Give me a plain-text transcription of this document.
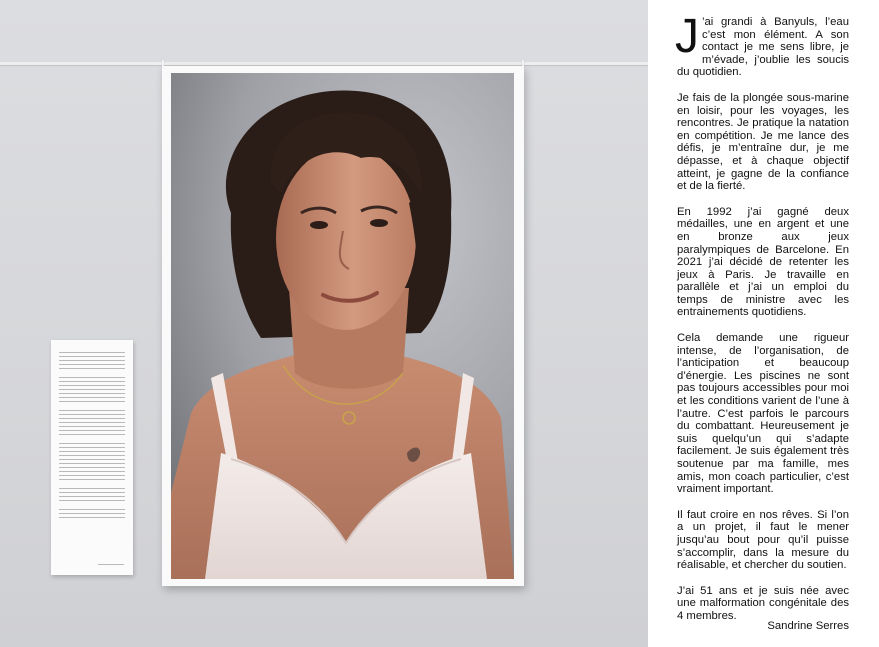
J ’ai grandi à Banyuls, l’eau c’est mon élément. A son contact je me sens libre, je m’évade, j’oublie les soucis du quotidien.

Je fais de la plongée sous-marine en loisir, pour les voyages, les rencontres. Je pratique la natation en compétition. Je me lance des défis, je m’entraîne dur, je me dépasse, et à chaque objectif atteint, je gagne de la confiance et de la fierté.

En 1992 j’ai gagné deux médailles, une en argent et une en bronze aux jeux paralympiques de Barcelone. En 2021 j’ai décidé de retenter les jeux à Paris. Je travaille en parallèle et j’ai un emploi du temps de ministre avec les entrainements quotidiens.

Cela demande une rigueur intense, de l’organisation, de l’anticipation et beaucoup d’énergie. Les piscines ne sont pas toujours accessibles pour moi et les conditions varient de l’une à l’autre. C’est parfois le parcours du combattant. Heureusement je suis quelqu’un qui s’adapte facilement. Je suis également très soutenue par ma famille, mes amis, mon coach particulier, c’est vraiment important.

Il faut croire en nos rêves. Si l’on a un projet, il faut le mener jusqu’au bout pour qu’il puisse s’accomplir, dans la mesure du réalisable, et chercher du soutien.

J’ai 51 ans et je suis née avec une malformation congénitale des 4 membres.

Sandrine Serres
